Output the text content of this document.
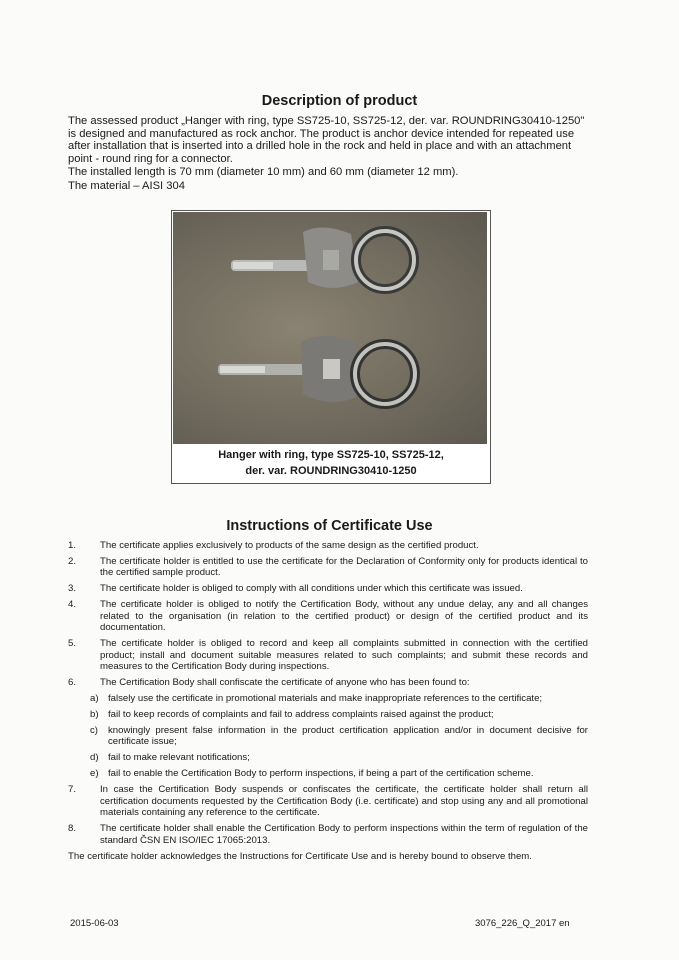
Description of product

The assessed product „Hanger with ring, type SS725-10, SS725-12, der. var. ROUNDRING30410-1250" is designed and manufactured as rock anchor. The product is anchor device intended for repeated use after installation that is inserted into a drilled hole in the rock and held in place and with an attachment point - round ring for a connector.

The installed length is 70 mm (diameter 10 mm) and 60 mm (diameter 12 mm).

The material – AISI 304

Hanger with ring, type SS725-10, SS725-12,
der. var. ROUNDRING30410-1250
Instructions of Certificate Use
1.	The certificate applies exclusively to products of the same design as the certified product.
2.	The certificate holder is entitled to use the certificate for the Declaration of Conformity only for products identical to the certified sample product.
3.	The certificate holder is obliged to comply with all conditions under which this certificate was issued.
4.	The certificate holder is obliged to notify the Certification Body, without any undue delay, any and all changes related to the organisation (in relation to the certified product) or design of the certified product and its documentation.
5.	The certificate holder is obliged to record and keep all complaints submitted in connection with the certified product; install and document suitable measures related to such complaints; and submit these records and measures to the Certification Body during inspections.
6.	The Certification Body shall confiscate the certificate of anyone who has been found to:
a) falsely use the certificate in promotional materials and make inappropriate references to the certificate;
b) fail to keep records of complaints and fail to address complaints raised against the product;
c)	knowingly present false information in the product certification application and/or in document decisive for certificate issue;
d) fail to make relevant notifications;
e) fail to enable the Certification Body to perform inspections, if being a part of the certification scheme.
7.	In case the Certification Body suspends or confiscates the certificate, the certificate holder shall return all certification documents requested by the Certification Body (i.e. certificate) and stop using any and all promotional materials containing any reference to the certificate.
8.	The certificate holder shall enable the Certification Body to perform inspections within the term of regulation of the standard ČSN EN ISO/IEC 17065:2013.
The certificate holder acknowledges the Instructions for Certificate Use and is hereby bound to observe them.
2015-06-03	3076_226_Q_2017 en
